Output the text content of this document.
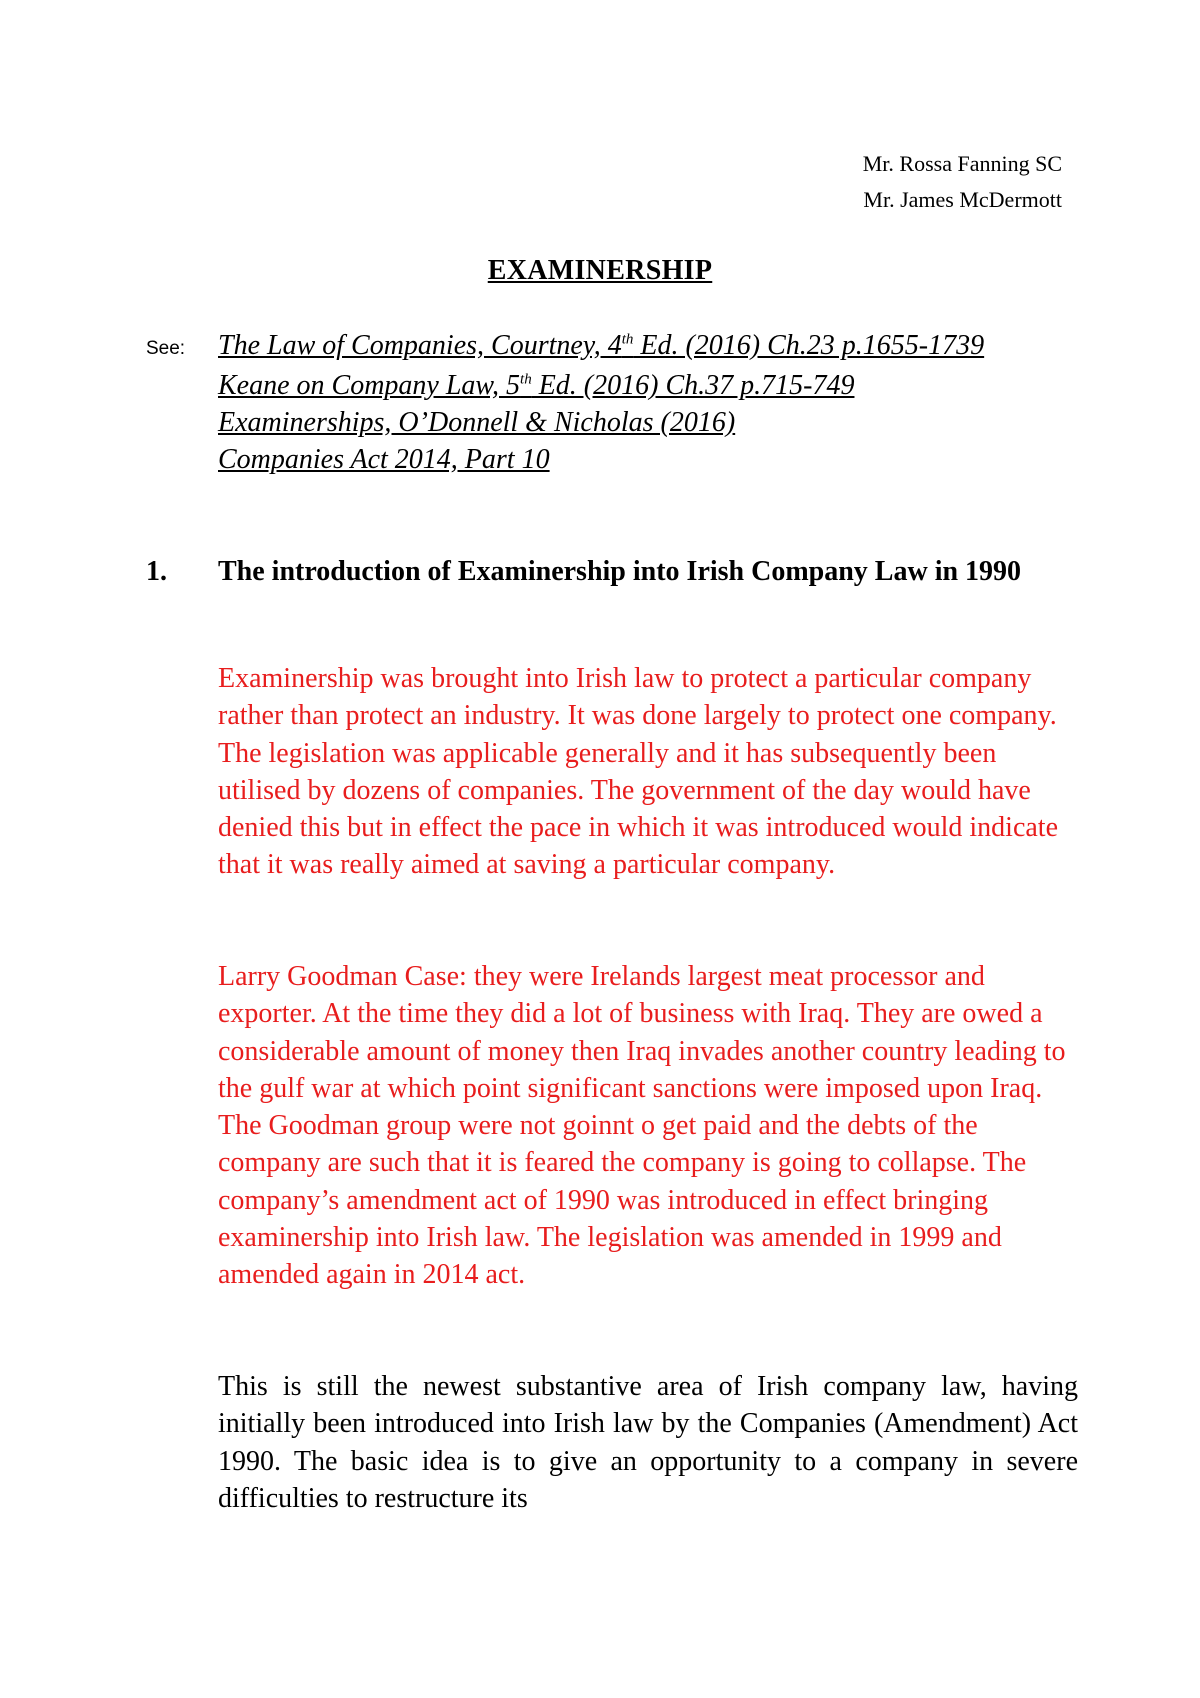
Mr. Rossa Fanning SC
Mr. James McDermott
EXAMINERSHIP
See: The Law of Companies, Courtney, 4th Ed. (2016) Ch.23 p.1655-1739
Keane on Company Law, 5th Ed. (2016) Ch.37 p.715-749
Examinerships, O’Donnell & Nicholas (2016)
Companies Act 2014, Part 10
1. The introduction of Examinership into Irish Company Law in 1990

Examinership was brought into Irish law to protect a particular company rather than protect an industry. It was done largely to protect one company. The legislation was applicable generally and it has subsequently been utilised by dozens of companies. The government of the day would have denied this but in effect the pace in which it was introduced would indicate that it was really aimed at saving a particular company.

Larry Goodman Case: they were Irelands largest meat processor and exporter. At the time they did a lot of business with Iraq. They are owed a considerable amount of money then Iraq invades another country leading to the gulf war at which point significant sanctions were imposed upon Iraq. The Goodman group were not goinnt o get paid and the debts of the company are such that it is feared the company is going to collapse. The company’s amendment act of 1990 was introduced in effect bringing examinership into Irish law. The legislation was amended in 1999 and amended again in 2014 act.

This is still the newest substantive area of Irish company law, having initially been introduced into Irish law by the Companies (Amendment) Act 1990. The basic idea is to give an opportunity to a company in severe difficulties to restructure its
